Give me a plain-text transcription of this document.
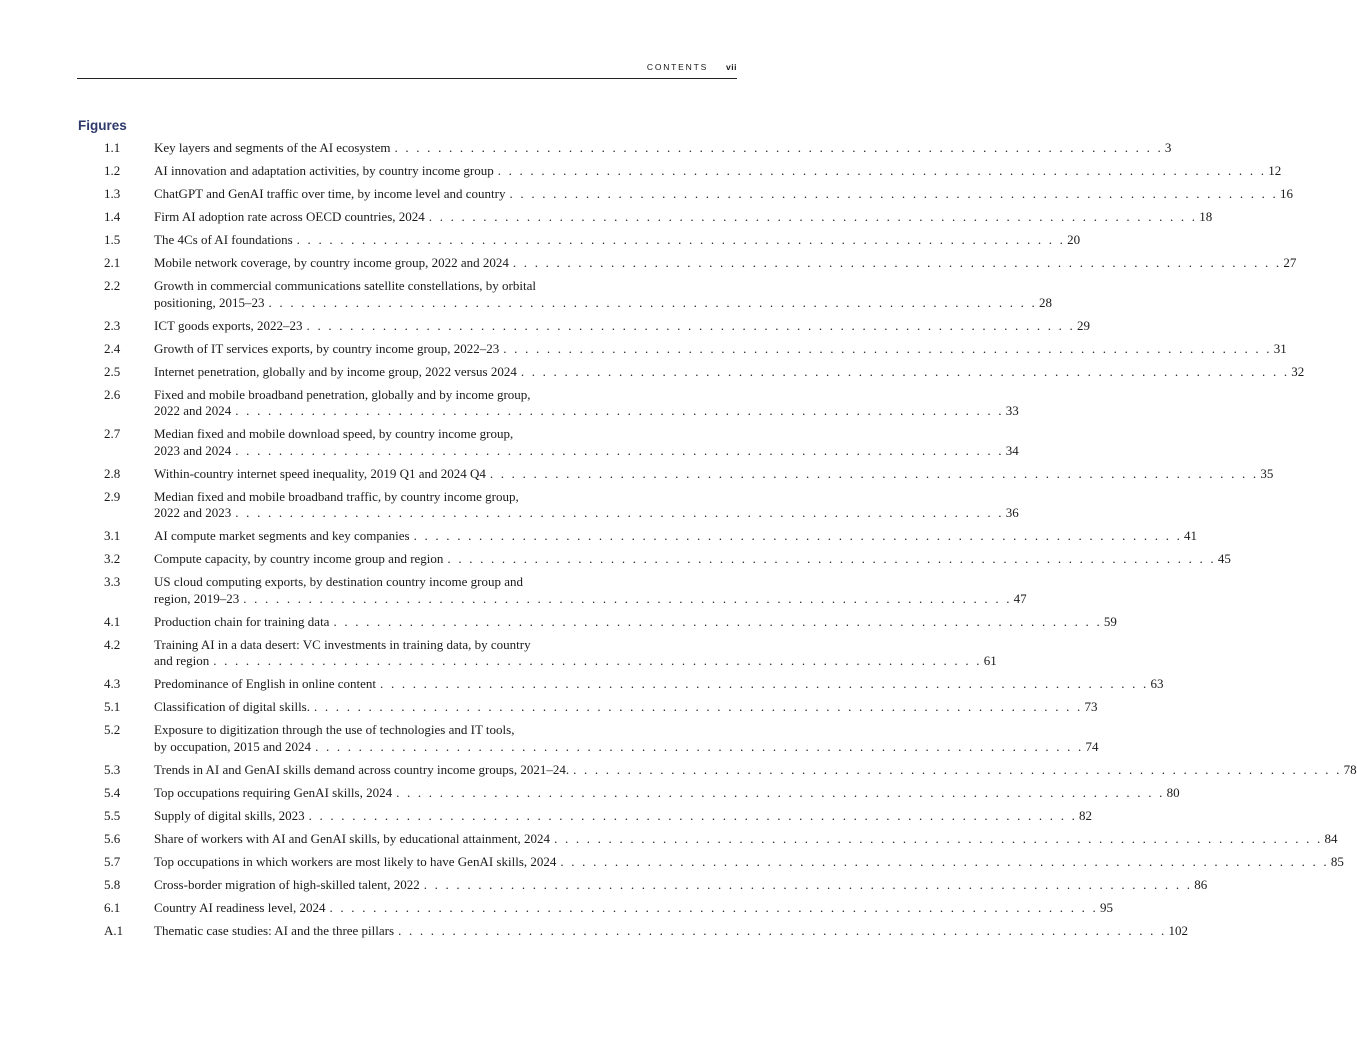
CONTENTS vii
Figures
1.1	Key layers and segments of the AI ecosystem . . . . . . . . . . . . . . . . . . . . . . . . . . . . . . . . . . . . . . . . . . . . . . . . . . . . . . . . . . . . . . . . . . . . . . . 3
1.2	AI innovation and adaptation activities, by country income group . . . . . . . . . . . . . . . . . . . . . . . . . . . . . . . . . . . . . . . . . . . . . . . . . . . . . . . . . . . . . . . . . . . . . . . 12
1.3	ChatGPT and GenAI traffic over time, by income level and country . . . . . . . . . . . . . . . . . . . . . . . . . . . . . . . . . . . . . . . . . . . . . . . . . . . . . . . . . . . . . . . . . . . . . . . 16
1.4	Firm AI adoption rate across OECD countries, 2024 . . . . . . . . . . . . . . . . . . . . . . . . . . . . . . . . . . . . . . . . . . . . . . . . . . . . . . . . . . . . . . . . . . . . . . . 18
1.5	The 4Cs of AI foundations . . . . . . . . . . . . . . . . . . . . . . . . . . . . . . . . . . . . . . . . . . . . . . . . . . . . . . . . . . . . . . . . . . . . . . . 20
2.1	Mobile network coverage, by country income group, 2022 and 2024 . . . . . . . . . . . . . . . . . . . . . . . . . . . . . . . . . . . . . . . . . . . . . . . . . . . . . . . . . . . . . . . . . . . . . . . 27
2.2	Growth in commercial communications satellite constellations, by orbital
positioning, 2015–23 . . . . . . . . . . . . . . . . . . . . . . . . . . . . . . . . . . . . . . . . . . . . . . . . . . . . . . . . . . . . . . . . . . . . . . . 28
2.3	ICT goods exports, 2022–23 . . . . . . . . . . . . . . . . . . . . . . . . . . . . . . . . . . . . . . . . . . . . . . . . . . . . . . . . . . . . . . . . . . . . . . . 29
2.4	Growth of IT services exports, by country income group, 2022–23 . . . . . . . . . . . . . . . . . . . . . . . . . . . . . . . . . . . . . . . . . . . . . . . . . . . . . . . . . . . . . . . . . . . . . . . 31
2.5	Internet penetration, globally and by income group, 2022 versus 2024 . . . . . . . . . . . . . . . . . . . . . . . . . . . . . . . . . . . . . . . . . . . . . . . . . . . . . . . . . . . . . . . . . . . . . . . 32
2.6	Fixed and mobile broadband penetration, globally and by income group,
2022 and 2024 . . . . . . . . . . . . . . . . . . . . . . . . . . . . . . . . . . . . . . . . . . . . . . . . . . . . . . . . . . . . . . . . . . . . . . . 33
2.7	Median fixed and mobile download speed, by country income group,
2023 and 2024 . . . . . . . . . . . . . . . . . . . . . . . . . . . . . . . . . . . . . . . . . . . . . . . . . . . . . . . . . . . . . . . . . . . . . . . 34
2.8	Within-country internet speed inequality, 2019 Q1 and 2024 Q4 . . . . . . . . . . . . . . . . . . . . . . . . . . . . . . . . . . . . . . . . . . . . . . . . . . . . . . . . . . . . . . . . . . . . . . . 35
2.9	Median fixed and mobile broadband traffic, by country income group,
2022 and 2023 . . . . . . . . . . . . . . . . . . . . . . . . . . . . . . . . . . . . . . . . . . . . . . . . . . . . . . . . . . . . . . . . . . . . . . . 36
3.1	AI compute market segments and key companies . . . . . . . . . . . . . . . . . . . . . . . . . . . . . . . . . . . . . . . . . . . . . . . . . . . . . . . . . . . . . . . . . . . . . . . 41
3.2	Compute capacity, by country income group and region . . . . . . . . . . . . . . . . . . . . . . . . . . . . . . . . . . . . . . . . . . . . . . . . . . . . . . . . . . . . . . . . . . . . . . . 45
3.3	US cloud computing exports, by destination country income group and
region, 2019–23 . . . . . . . . . . . . . . . . . . . . . . . . . . . . . . . . . . . . . . . . . . . . . . . . . . . . . . . . . . . . . . . . . . . . . . . 47
4.1	Production chain for training data . . . . . . . . . . . . . . . . . . . . . . . . . . . . . . . . . . . . . . . . . . . . . . . . . . . . . . . . . . . . . . . . . . . . . . . 59
4.2	Training AI in a data desert: VC investments in training data, by country
and region . . . . . . . . . . . . . . . . . . . . . . . . . . . . . . . . . . . . . . . . . . . . . . . . . . . . . . . . . . . . . . . . . . . . . . . 61
4.3	Predominance of English in online content . . . . . . . . . . . . . . . . . . . . . . . . . . . . . . . . . . . . . . . . . . . . . . . . . . . . . . . . . . . . . . . . . . . . . . . 63
5.1	Classification of digital skills. . . . . . . . . . . . . . . . . . . . . . . . . . . . . . . . . . . . . . . . . . . . . . . . . . . . . . . . . . . . . . . . . . . . . . . . 73
5.2	Exposure to digitization through the use of technologies and IT tools,
by occupation, 2015 and 2024 . . . . . . . . . . . . . . . . . . . . . . . . . . . . . . . . . . . . . . . . . . . . . . . . . . . . . . . . . . . . . . . . . . . . . . . 74
5.3	Trends in AI and GenAI skills demand across country income groups, 2021–24. . . . . . . . . . . . . . . . . . . . . . . . . . . . . . . . . . . . . . . . . . . . . . . . . . . . . . . . . . . . . . . . . . . . . . . . 78
5.4	Top occupations requiring GenAI skills, 2024 . . . . . . . . . . . . . . . . . . . . . . . . . . . . . . . . . . . . . . . . . . . . . . . . . . . . . . . . . . . . . . . . . . . . . . . 80
5.5	Supply of digital skills, 2023 . . . . . . . . . . . . . . . . . . . . . . . . . . . . . . . . . . . . . . . . . . . . . . . . . . . . . . . . . . . . . . . . . . . . . . . 82
5.6	Share of workers with AI and GenAI skills, by educational attainment, 2024 . . . . . . . . . . . . . . . . . . . . . . . . . . . . . . . . . . . . . . . . . . . . . . . . . . . . . . . . . . . . . . . . . . . . . . . 84
5.7	Top occupations in which workers are most likely to have GenAI skills, 2024 . . . . . . . . . . . . . . . . . . . . . . . . . . . . . . . . . . . . . . . . . . . . . . . . . . . . . . . . . . . . . . . . . . . . . . . 85
5.8	Cross-border migration of high-skilled talent, 2022 . . . . . . . . . . . . . . . . . . . . . . . . . . . . . . . . . . . . . . . . . . . . . . . . . . . . . . . . . . . . . . . . . . . . . . . 86
6.1	Country AI readiness level, 2024 . . . . . . . . . . . . . . . . . . . . . . . . . . . . . . . . . . . . . . . . . . . . . . . . . . . . . . . . . . . . . . . . . . . . . . . 95
A.1	Thematic case studies: AI and the three pillars . . . . . . . . . . . . . . . . . . . . . . . . . . . . . . . . . . . . . . . . . . . . . . . . . . . . . . . . . . . . . . . . . . . . . . . 102
